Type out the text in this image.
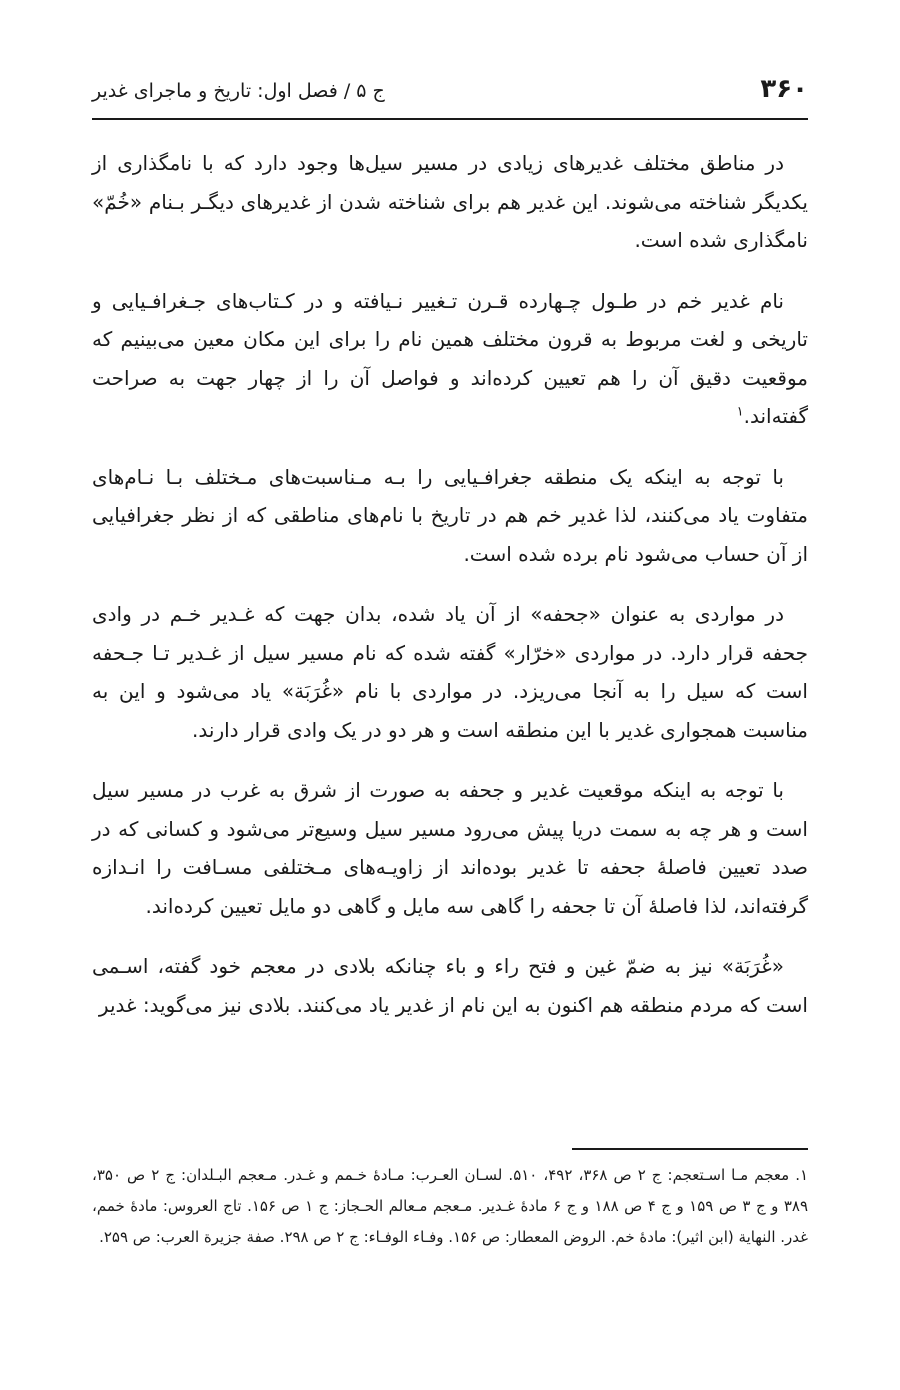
۳۶۰
ج ۵ / فصل اول: تاریخ و ماجرای غدیر

در مناطق مختلف غدیرهای زیادی در مسیر سیل‌ها وجود دارد که با نامگذاری از یکدیگر شناخته می‌شوند. این غدیر هم برای شناخته شدن از غدیرهای دیگـر بـنام «خُمّ» نامگذاری شده است.

نام غدیر خم در طـول چـهارده قـرن تـغییر نـیافته و در کـتاب‌های جـغرافـیایی و تاریخی و لغت مربوط به قرون مختلف همین نام را برای این مکان معین می‌بینیم که موقعیت دقیق آن را هم تعیین کرده‌اند و فواصل آن را از چهار جهت به صراحت گفته‌اند.$^۱$

با توجه به اینکه یک منطقه جغرافـیایی را بـه مـناسبت‌های مـختلف بـا نـام‌های متفاوت یاد می‌کنند، لذا غدیر خم هم در تاریخ با نام‌های مناطقی که از نظر جغرافیایی از آن حساب می‌شود نام برده شده است.

در مواردی به عنوان «جحفه» از آن یاد شده، بدان جهت که غـدیر خـم در وادی جحفه قرار دارد. در مواردی «خرّار» گفته شده که نام مسیر سیل از غـدیر تـا جـحفه است که سیل را به آنجا می‌ریزد. در مواردی با نام «غُرَبَة» یاد می‌شود و این به مناسبت همجواری غدیر با این منطقه است و هر دو در یک وادی قرار دارند.

با توجه به اینکه موقعیت غدیر و جحفه به صورت از شرق به غرب در مسیر سیل است و هر چه به سمت دریا پیش می‌رود مسیر سیل وسیع‌تر می‌شود و کسانی که در صدد تعیین فاصلهٔ جحفه تا غدیر بوده‌اند از زاویـه‌های مـختلفی مسـافت را انـدازه گرفته‌اند، لذا فاصلهٔ آن تا جحفه را گاهی سه مایل و گاهی دو مایل تعیین کرده‌اند.

«غُرَبَة» نیز به ضمّ غین و فتح راء و باء چنانکه بلادی در معجم خود گفته، اسـمی است که مردم منطقه هم اکنون به این نام از غدیر یاد می‌کنند. بلادی نیز می‌گوید: غدیر

۱. معجم مـا اسـتعجم: ج ۲ ص ۳۶۸، ۴۹۲، ۵۱۰. لسـان العـرب: مـادهٔ خـمم و غـدر. مـعجم البـلدان: ج ۲ ص ۳۵۰، ۳۸۹ و ج ۳ ص ۱۵۹ و ج ۴ ص ۱۸۸ و ج ۶ مادهٔ غـدیر. مـعجم مـعالم الحـجاز: ج ۱ ص ۱۵۶. تاج العروس: مادهٔ خمم، غدر. النهایة (ابن اثیر): مادهٔ خم. الروض المعطار: ص ۱۵۶. وفـاء الوفـاء: ج ۲ ص ۲۹۸. صفة جزیرة العرب: ص ۲۵۹.
